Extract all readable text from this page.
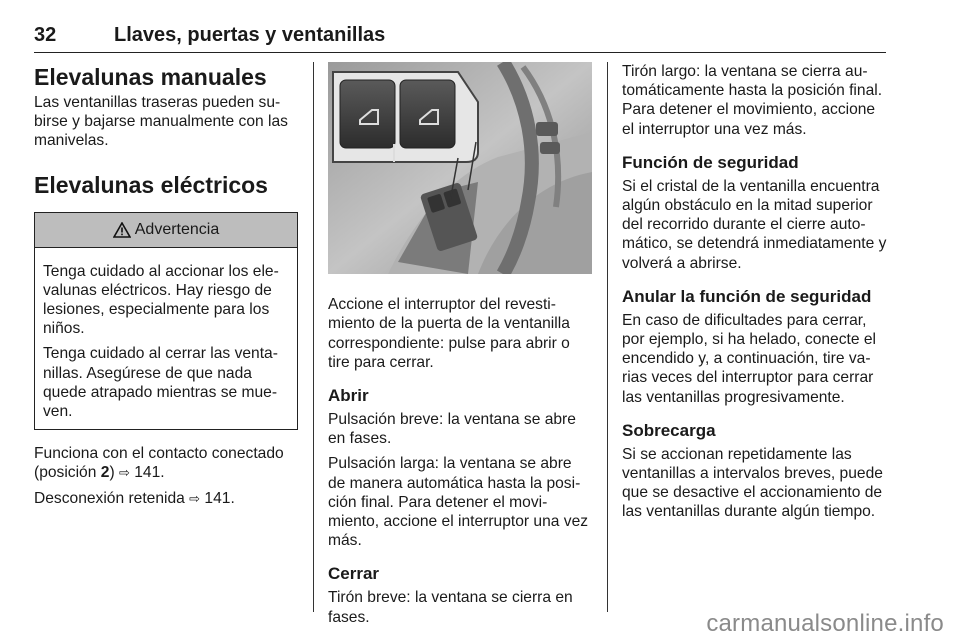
32	Llaves, puertas y ventanillas
Elevalunas manuales

Las ventanillas traseras pueden subirse y bajarse manualmente con las manivelas.

Elevalunas eléctricos
Advertencia

Tenga cuidado al accionar los elevalunas eléctricos. Hay riesgo de lesiones, especialmente para los niños.

Tenga cuidado al cerrar las ventanillas. Asegúrese de que nada quede atrapado mientras se mueven.

Funciona con el contacto conectado (posición 2) ⇨ 141.

Desconexión retenida ⇨ 141.

Accione el interruptor del revestimiento de la puerta de la ventanilla correspondiente: pulse para abrir o tire para cerrar.

Abrir

Pulsación breve: la ventana se abre en fases.

Pulsación larga: la ventana se abre de manera automática hasta la posición final. Para detener el movimiento, accione el interruptor una vez más.

Cerrar

Tirón breve: la ventana se cierra en fases.

Tirón largo: la ventana se cierra automáticamente hasta la posición final. Para detener el movimiento, accione el interruptor una vez más.

Función de seguridad

Si el cristal de la ventanilla encuentra algún obstáculo en la mitad superior del recorrido durante el cierre automático, se detendrá inmediatamente y volverá a abrirse.

Anular la función de seguridad

En caso de dificultades para cerrar, por ejemplo, si ha helado, conecte el encendido y, a continuación, tire varias veces del interruptor para cerrar las ventanillas progresivamente.

Sobrecarga

Si se accionan repetidamente las ventanillas a intervalos breves, puede que se desactive el accionamiento de las ventanillas durante algún tiempo.

carmanualsonline.info
